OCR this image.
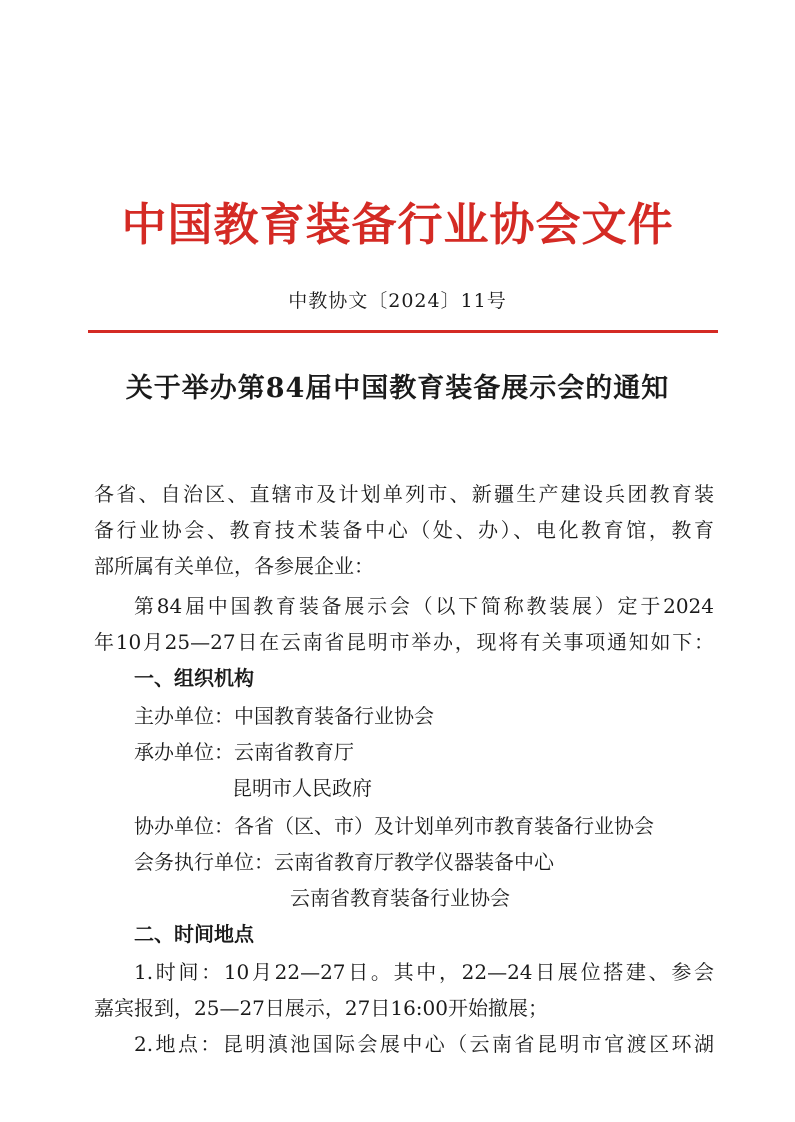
中国教育装备行业协会文件
中教协文〔2024〕11号
关于举办第84届中国教育装备展示会的通知
各省、自治区、直辖市及计划单列市、新疆生产建设兵团教育装
备行业协会、教育技术装备中心（处、办）、电化教育馆，教育
部所属有关单位，各参展企业：
第84届中国教育装备展示会（以下简称教装展）定于2024
年10月25—27日在云南省昆明市举办，现将有关事项通知如下：
一、组织机构
主办单位：中国教育装备行业协会
承办单位：云南省教育厅
昆明市人民政府
协办单位：各省（区、市）及计划单列市教育装备行业协会
会务执行单位：云南省教育厅教学仪器装备中心
云南省教育装备行业协会
二、时间地点
1.时间：10月22—27日。其中，22—24日展位搭建、参会
嘉宾报到，25—27日展示，27日16:00开始撤展；
2.地点：昆明滇池国际会展中心（云南省昆明市官渡区环湖
